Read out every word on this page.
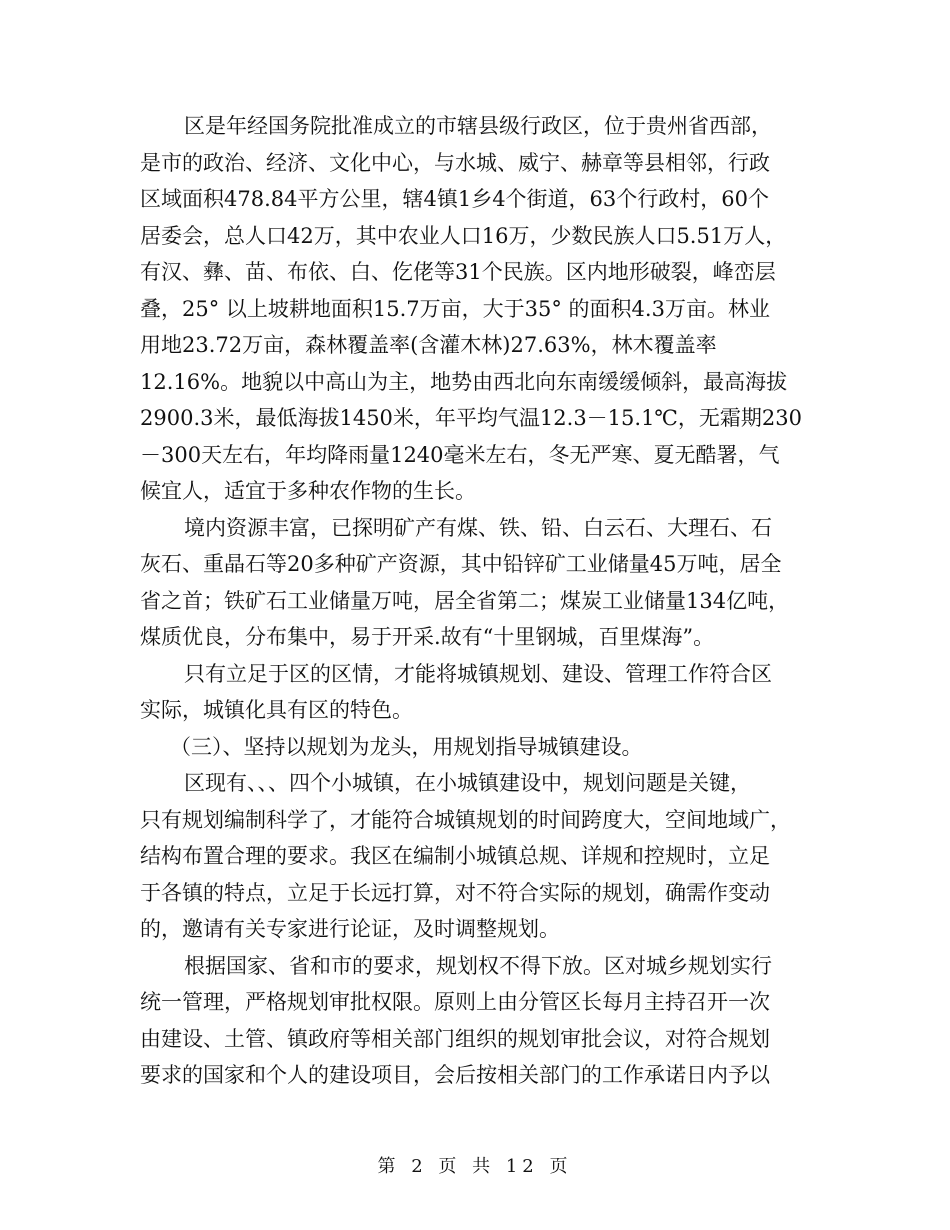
区是年经国务院批准成立的市辖县级行政区，位于贵州省西部，
是市的政治、经济、文化中心，与水城、威宁、赫章等县相邻，行政
区域面积478.84平方公里，辖4镇1乡4个街道，63个行政村，60个
居委会，总人口42万，其中农业人口16万，少数民族人口5.51万人，
有汉、彝、苗、布依、白、仡佬等31个民族。区内地形破裂，峰峦层
叠，25° 以上坡耕地面积15.7万亩，大于35° 的面积4.3万亩。林业
用地23.72万亩，森林覆盖率(含灌木林)27.63%，林木覆盖率
12.16%。地貌以中高山为主，地势由西北向东南缓缓倾斜，最高海拔
2900.3米，最低海拔1450米，年平均气温12.3－15.1℃，无霜期230
－300天左右，年均降雨量1240毫米左右，冬无严寒、夏无酷署，气
候宜人，适宜于多种农作物的生长。
境内资源丰富，已探明矿产有煤、铁、铅、白云石、大理石、石
灰石、重晶石等20多种矿产资源，其中铅锌矿工业储量45万吨，居全
省之首；铁矿石工业储量万吨，居全省第二；煤炭工业储量134亿吨，
煤质优良，分布集中，易于开采.故有“十里钢城，百里煤海”。
只有立足于区的区情，才能将城镇规划、建设、管理工作符合区
实际，城镇化具有区的特色。
（三）、坚持以规划为龙头，用规划指导城镇建设。
区现有、、、四个小城镇，在小城镇建设中，规划问题是关键，
只有规划编制科学了，才能符合城镇规划的时间跨度大，空间地域广，
结构布置合理的要求。我区在编制小城镇总规、详规和控规时，立足
于各镇的特点，立足于长远打算，对不符合实际的规划，确需作变动
的，邀请有关专家进行论证，及时调整规划。
根据国家、省和市的要求，规划权不得下放。区对城乡规划实行
统一管理，严格规划审批权限。原则上由分管区长每月主持召开一次
由建设、土管、镇政府等相关部门组织的规划审批会议，对符合规划
要求的国家和个人的建设项目，会后按相关部门的工作承诺日内予以
第 2 页 共 12 页
